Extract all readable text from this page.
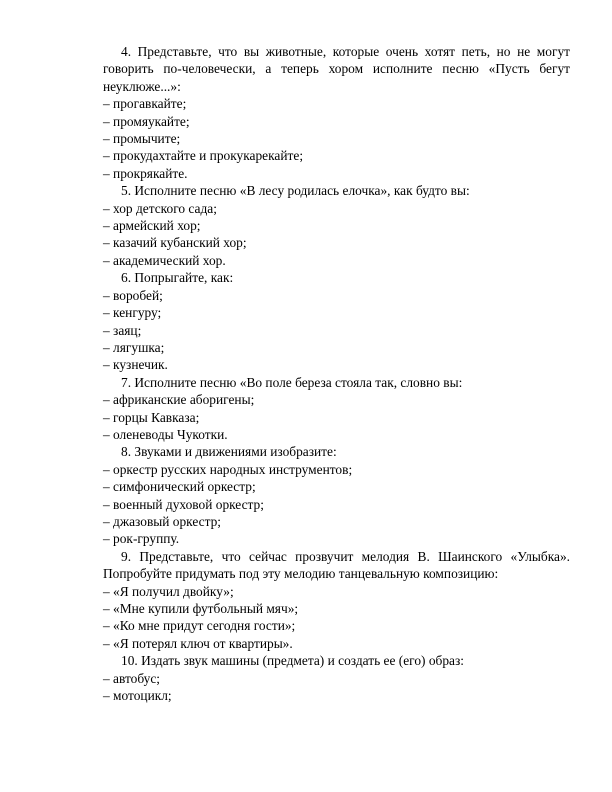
4. Представьте, что вы животные, которые очень хотят петь, но не могут говорить по-человечески, а теперь хором исполните песню «Пусть бегут неуклюже...»:
– прогавкайте;
– промяукайте;
– промычите;
– прокудахтайте и прокукарекайте;
– прокрякайте.
5. Исполните песню «В лесу родилась елочка», как будто вы:
– хор детского сада;
– армейский хор;
– казачий кубанский хор;
– академический хор.
6. Попрыгайте, как:
– воробей;
– кенгуру;
– заяц;
– лягушка;
– кузнечик.
7. Исполните песню «Во поле береза стояла так, словно вы:
– африканские аборигены;
– горцы Кавказа;
– оленеводы Чукотки.
8. Звуками и движениями изобразите:
– оркестр русских народных инструментов;
– симфонический оркестр;
– военный духовой оркестр;
– джазовый оркестр;
– рок-группу.
9. Представьте, что сейчас прозвучит мелодия В. Шаинского «Улыбка». Попробуйте придумать под эту мелодию танцевальную композицию:
– «Я получил двойку»;
– «Мне купили футбольный мяч»;
– «Ко мне придут сегодня гости»;
– «Я потерял ключ от квартиры».
10. Издать звук машины (предмета) и создать ее (его) образ:
– автобус;
– мотоцикл;
